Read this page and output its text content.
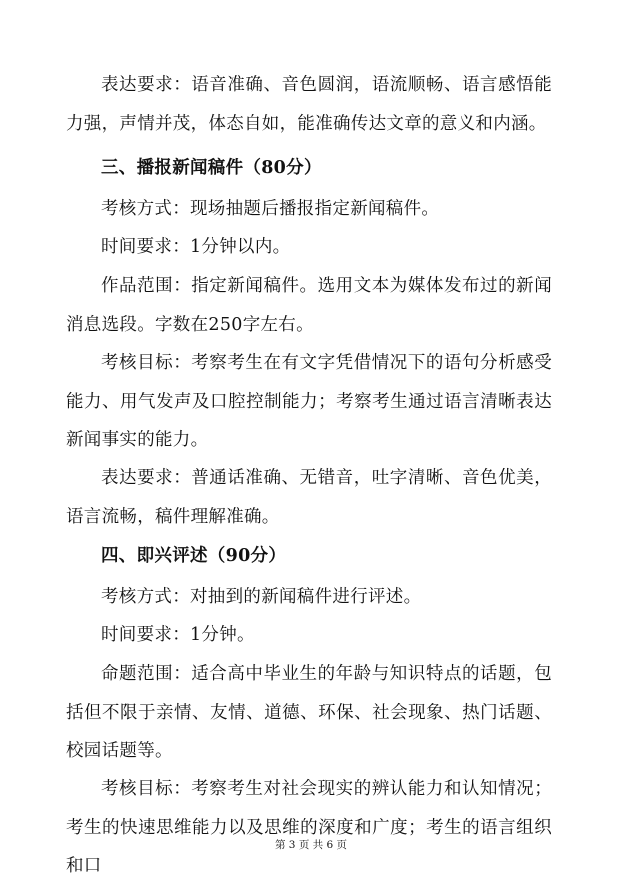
表达要求：语音准确、音色圆润，语流顺畅、语言感悟能力强，声情并茂，体态自如，能准确传达文章的意义和内涵。

三、播报新闻稿件（80分）

考核方式：现场抽题后播报指定新闻稿件。

时间要求：1分钟以内。

作品范围：指定新闻稿件。选用文本为媒体发布过的新闻消息选段。字数在250字左右。

考核目标：考察考生在有文字凭借情况下的语句分析感受能力、用气发声及口腔控制能力；考察考生通过语言清晰表达新闻事实的能力。

表达要求：普通话准确、无错音，吐字清晰、音色优美，语言流畅，稿件理解准确。

四、即兴评述（90分）

考核方式：对抽到的新闻稿件进行评述。

时间要求：1分钟。

命题范围：适合高中毕业生的年龄与知识特点的话题，包括但不限于亲情、友情、道德、环保、社会现象、热门话题、校园话题等。

考核目标：考察考生对社会现实的辨认能力和认知情况；考生的快速思维能力以及思维的深度和广度；考生的语言组织和口

第 3 页 共 6 页
